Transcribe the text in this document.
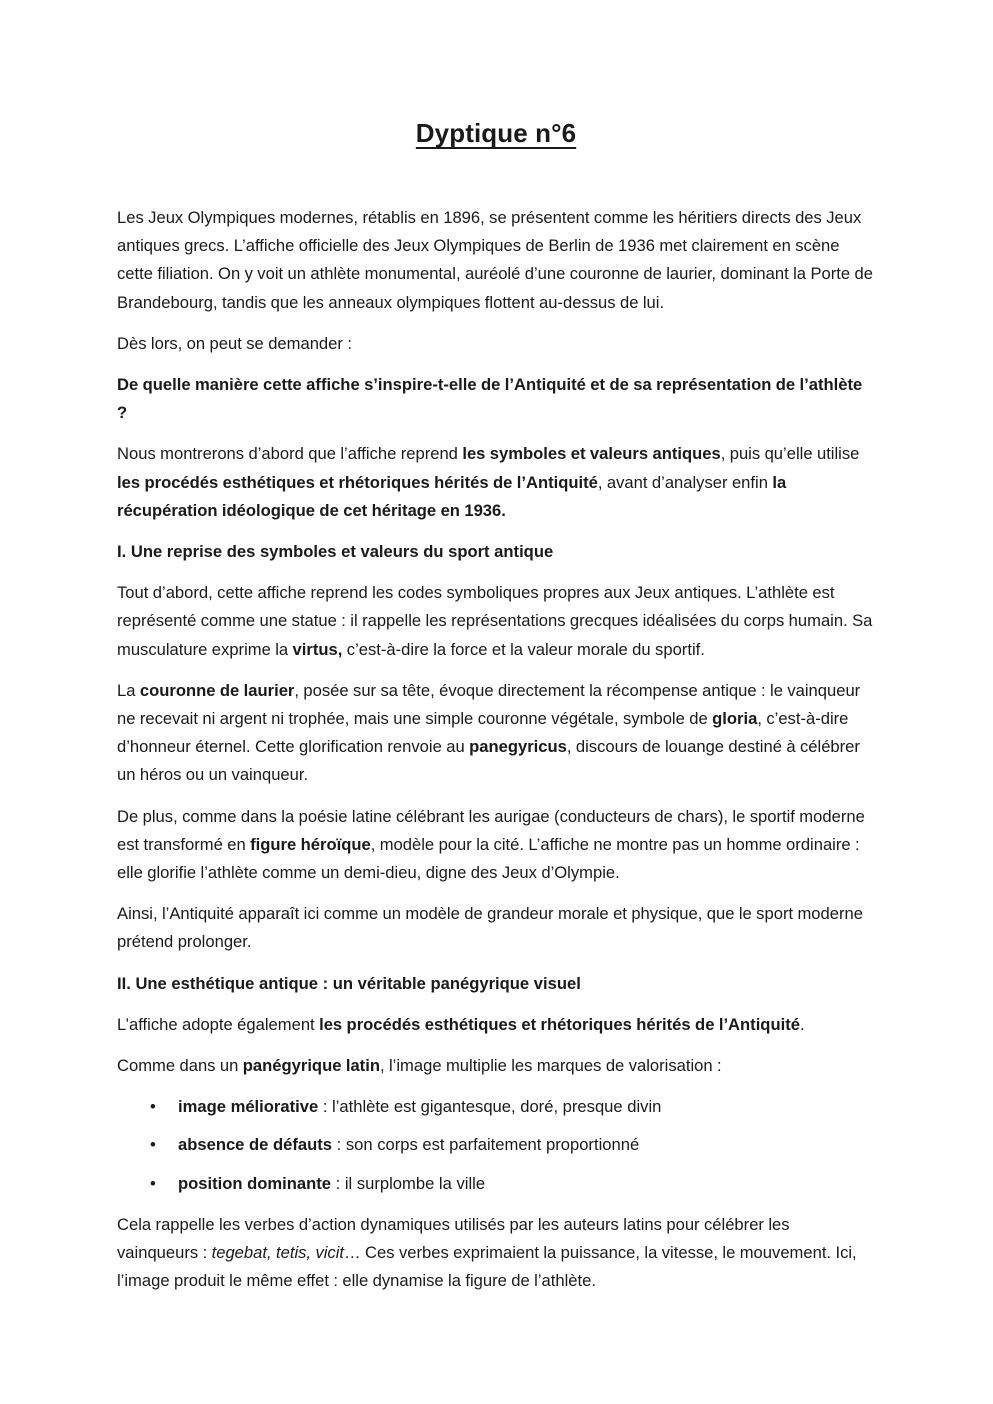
Dyptique n°6

Les Jeux Olympiques modernes, rétablis en 1896, se présentent comme les héritiers directs des Jeux antiques grecs. L’affiche officielle des Jeux Olympiques de Berlin de 1936 met clairement en scène cette filiation. On y voit un athlète monumental, auréolé d’une couronne de laurier, dominant la Porte de Brandebourg, tandis que les anneaux olympiques flottent au-dessus de lui.

Dès lors, on peut se demander :

De quelle manière cette affiche s’inspire-t-elle de l’Antiquité et de sa représentation de l’athlète ?

Nous montrerons d’abord que l’affiche reprend les symboles et valeurs antiques, puis qu’elle utilise les procédés esthétiques et rhétoriques hérités de l’Antiquité, avant d’analyser enfin la récupération idéologique de cet héritage en 1936.

I. Une reprise des symboles et valeurs du sport antique

Tout d’abord, cette affiche reprend les codes symboliques propres aux Jeux antiques. L’athlète est représenté comme une statue : il rappelle les représentations grecques idéalisées du corps humain. Sa musculature exprime la virtus, c’est-à-dire la force et la valeur morale du sportif.

La couronne de laurier, posée sur sa tête, évoque directement la récompense antique : le vainqueur ne recevait ni argent ni trophée, mais une simple couronne végétale, symbole de gloria, c’est-à-dire d’honneur éternel. Cette glorification renvoie au panegyricus, discours de louange destiné à célébrer un héros ou un vainqueur.

De plus, comme dans la poésie latine célébrant les aurigae (conducteurs de chars), le sportif moderne est transformé en figure héroïque, modèle pour la cité. L’affiche ne montre pas un homme ordinaire : elle glorifie l’athlète comme un demi-dieu, digne des Jeux d’Olympie.

Ainsi, l’Antiquité apparaît ici comme un modèle de grandeur morale et physique, que le sport moderne prétend prolonger.

II. Une esthétique antique : un véritable panégyrique visuel

L’affiche adopte également les procédés esthétiques et rhétoriques hérités de l’Antiquité.

Comme dans un panégyrique latin, l’image multiplie les marques de valorisation :

• image méliorative : l’athlète est gigantesque, doré, presque divin
• absence de défauts : son corps est parfaitement proportionné
• position dominante : il surplombe la ville

Cela rappelle les verbes d’action dynamiques utilisés par les auteurs latins pour célébrer les vainqueurs : tegebat, tetis, vicit… Ces verbes exprimaient la puissance, la vitesse, le mouvement. Ici, l’image produit le même effet : elle dynamise la figure de l’athlète.
